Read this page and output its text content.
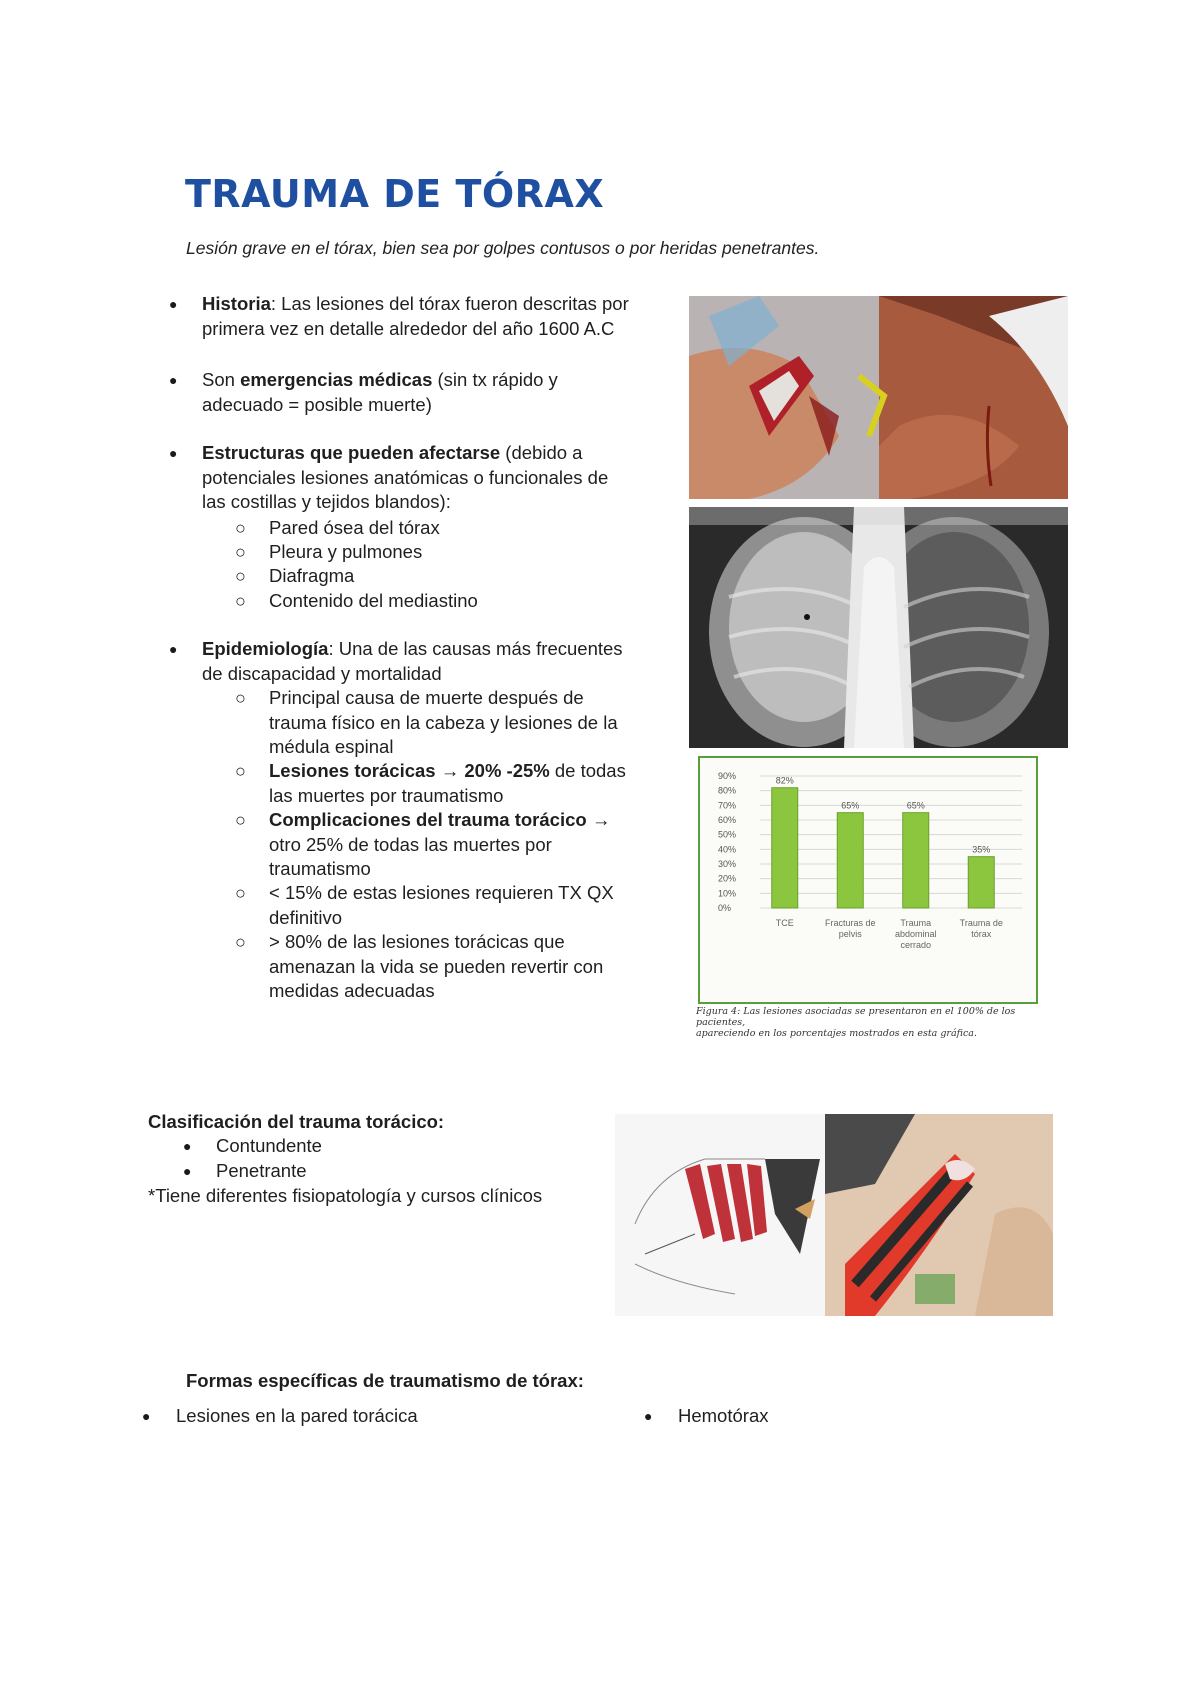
TRAUMA DE TÓRAX
Lesión grave en el tórax, bien sea por golpes contusos o por heridas penetrantes.
● Historia: Las lesiones del tórax fueron descritas por
primera vez en detalle alrededor del año 1600 A.C
● Son emergencias médicas (sin tx rápido y
adecuado = posible muerte)
● Estructuras que pueden afectarse (debido a
potenciales lesiones anatómicas o funcionales de
las costillas y tejidos blandos):
○ Pared ósea del tórax
○ Pleura y pulmones
○ Diafragma
○ Contenido del mediastino
● Epidemiología: Una de las causas más frecuentes
de discapacidad y mortalidad
○ Principal causa de muerte después de
trauma físico en la cabeza y lesiones de la
médula espinal
○ Lesiones torácicas → 20% -25% de todas
las muertes por traumatismo
○ Complicaciones del trauma torácico →
otro 25% de todas las muertes por
traumatismo
○ < 15% de estas lesiones requieren TX QX
definitivo
○ > 80% de las lesiones torácicas que
amenazan la vida se pueden revertir con
medidas adecuadas
90%
80%
70%
60%
50%
40%
30%
20%
10%
0%
82%
TCE
65%
Fracturas de pelvis
65%
Trauma abdominal cerrado
35%
Trauma de tórax
Figura 4: Las lesiones asociadas se presentaron en el 100% de los pacientes,
apareciendo en los porcentajes mostrados en esta gráfica.
Clasificación del trauma torácico:
● Contundente
● Penetrante
*Tiene diferentes fisiopatología y cursos clínicos
Formas específicas de traumatismo de tórax:
● Lesiones en la pared torácica	● Hemotórax
